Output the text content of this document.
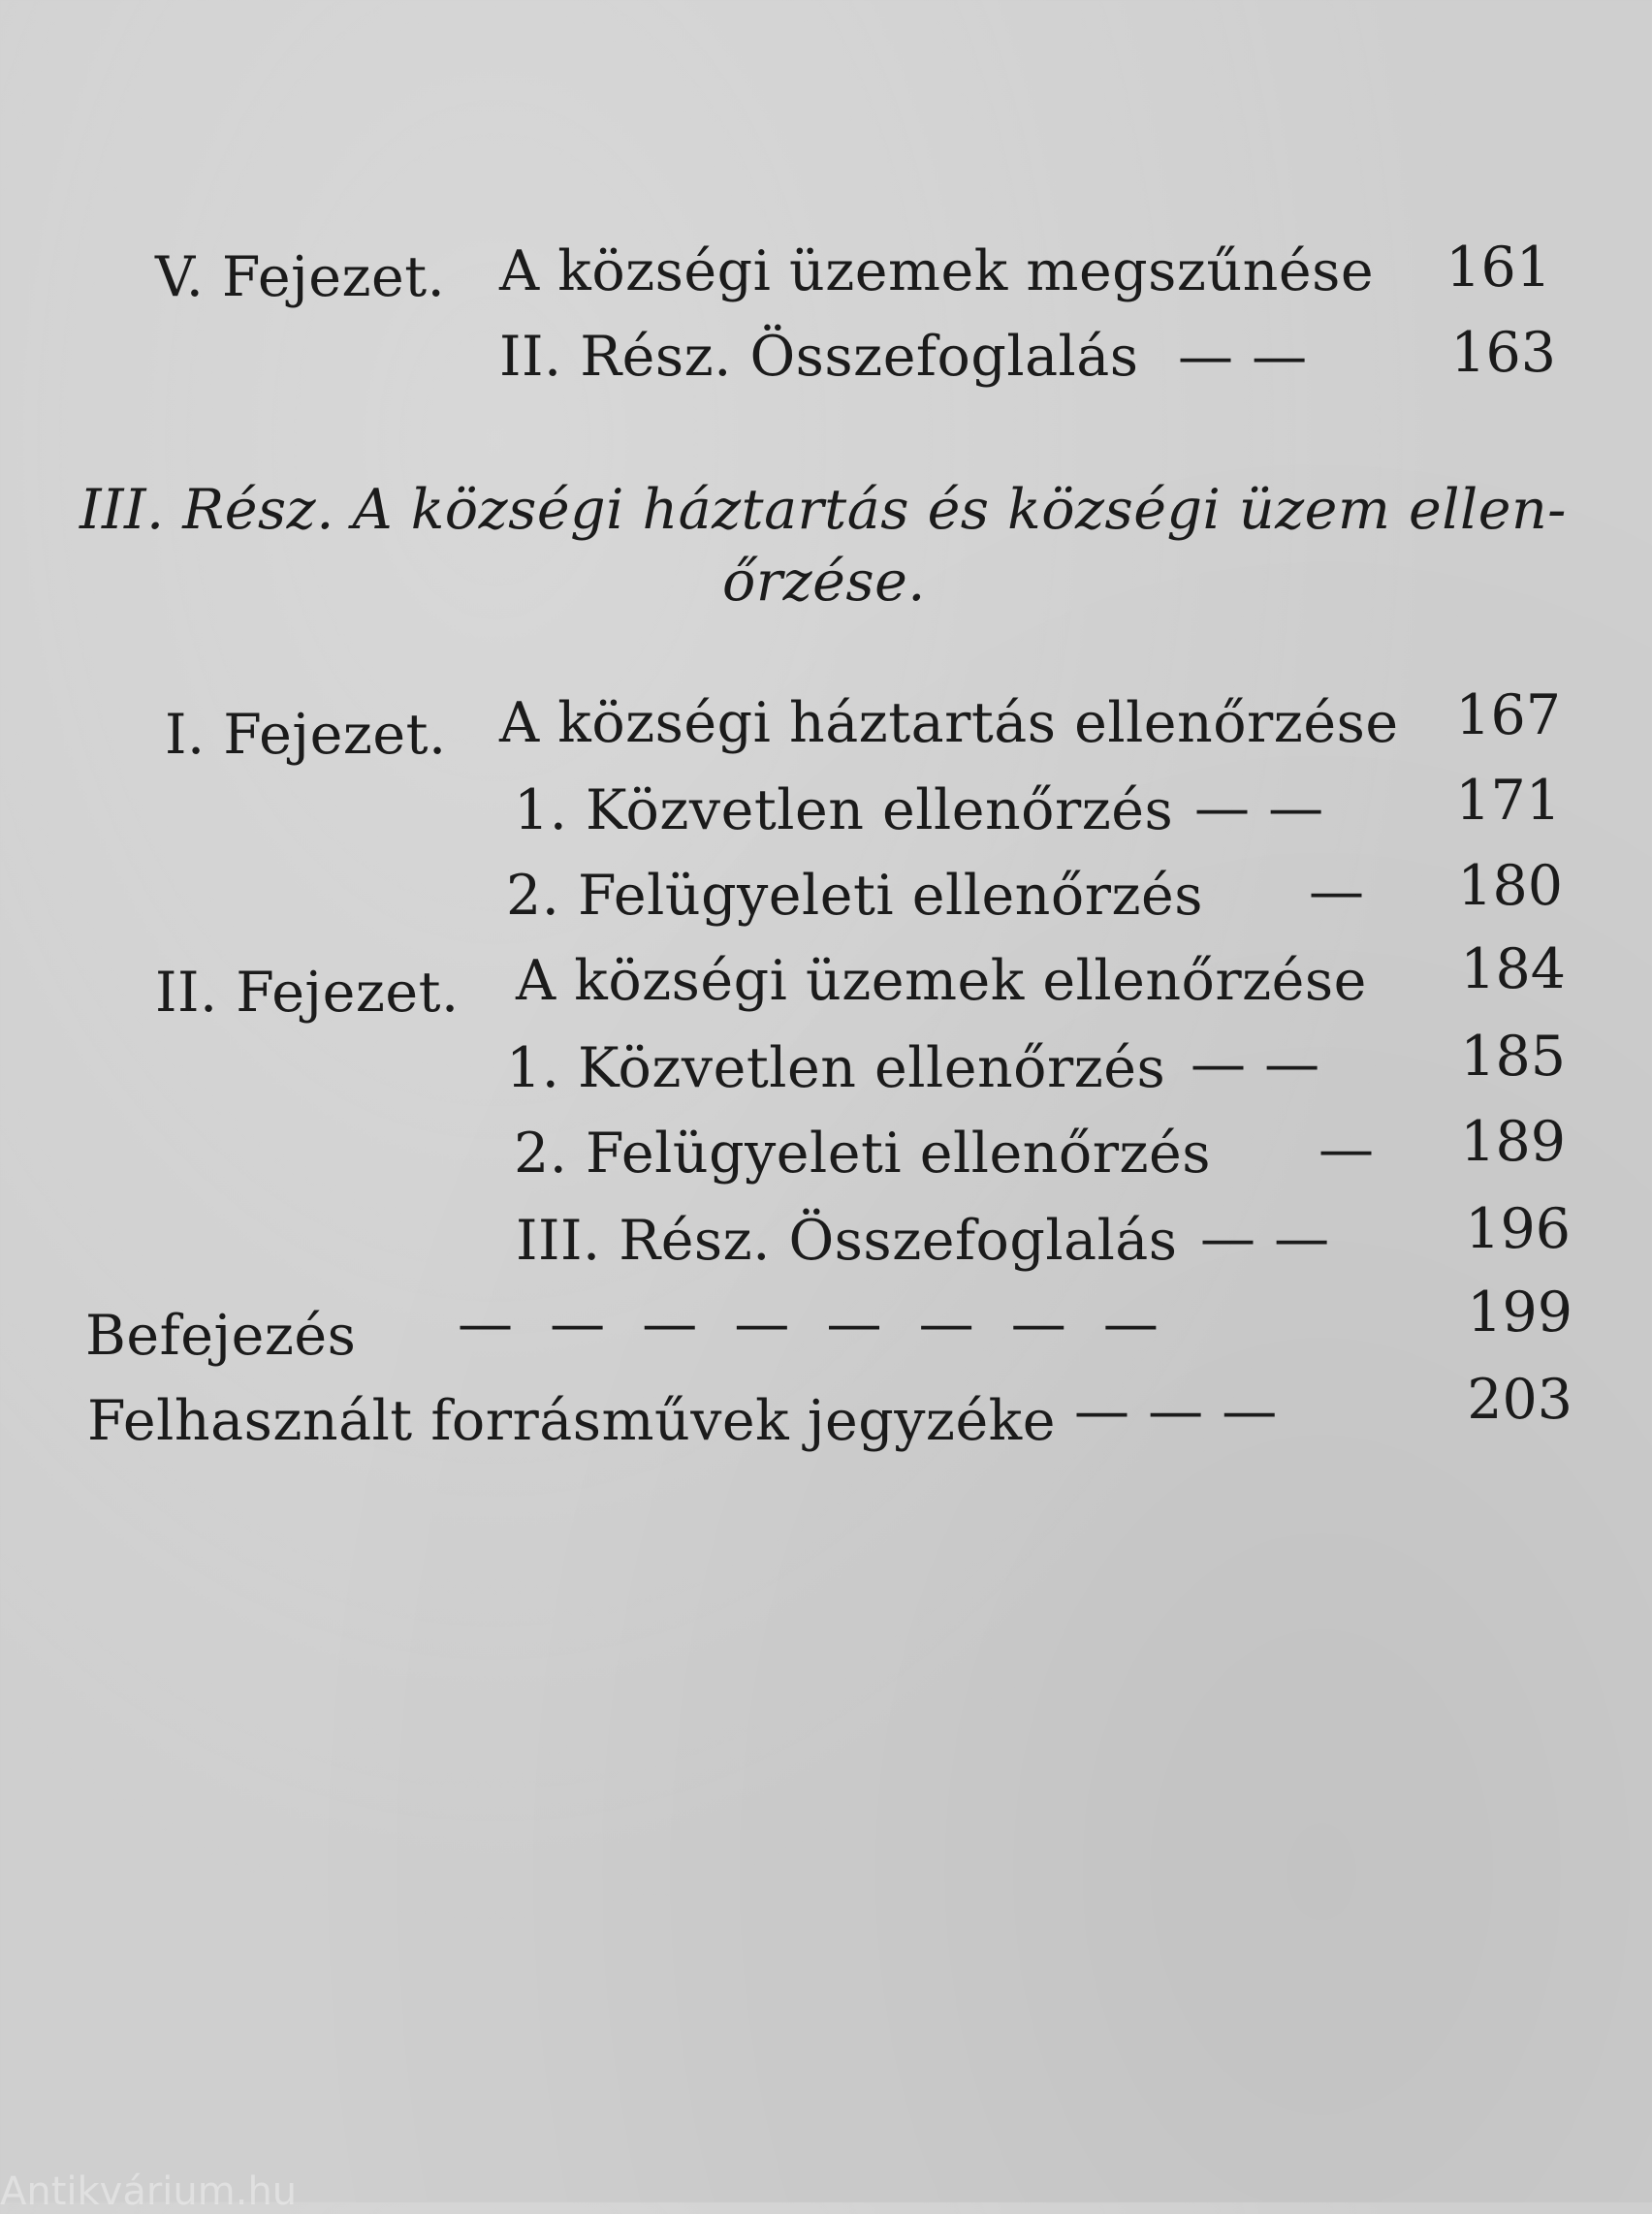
V. Fejezet. A községi üzemek megszűnése	161
II. Rész. Összefoglalás — —	163
III. Rész. A községi háztartás és községi üzem ellen-
őrzése.
I. Fejezet. A községi háztartás ellenőrzése	167
1. Közvetlen ellenőrzés — —	171
2. Felügyeleti ellenőrzés —	180
II. Fejezet. A községi üzemek ellenőrzése	184
1. Közvetlen ellenőrzés — —	185
2. Felügyeleti ellenőrzés —	189
III. Rész. Összefoglalás — —	196
Befejezés — — — — — — — —	199
Felhasznált forrásművek jegyzéke — — —	203
Antikvárium.hu
